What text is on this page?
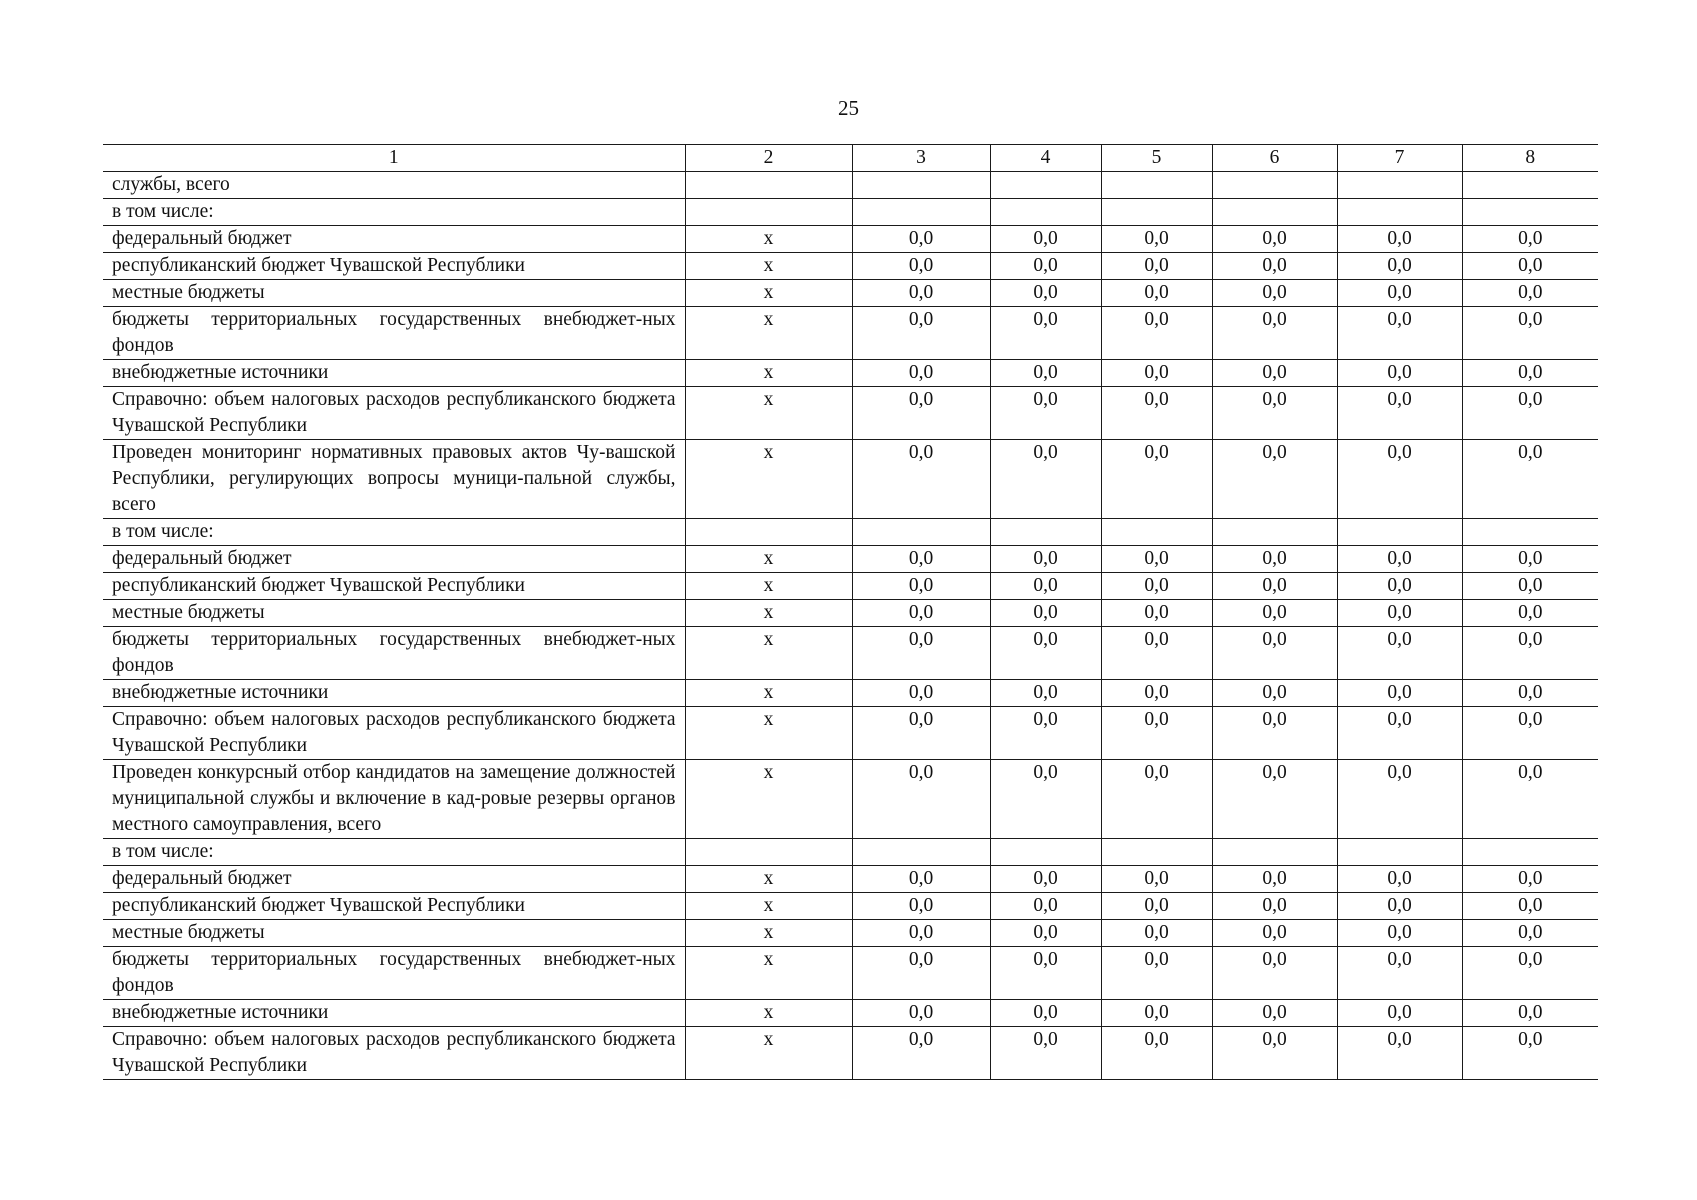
25
1	2	3	4	5	6	7	8
службы, всего							
в том числе:							
федеральный бюджет	x	0,0	0,0	0,0	0,0	0,0	0,0
республиканский бюджет Чувашской Республики	x	0,0	0,0	0,0	0,0	0,0	0,0
местные бюджеты	x	0,0	0,0	0,0	0,0	0,0	0,0
бюджеты территориальных государственных внебюджет-ных фондов	x	0,0	0,0	0,0	0,0	0,0	0,0
внебюджетные источники	x	0,0	0,0	0,0	0,0	0,0	0,0
Справочно: объем налоговых расходов республиканского бюджета Чувашской Республики	x	0,0	0,0	0,0	0,0	0,0	0,0
Проведен мониторинг нормативных правовых актов Чу-вашской Республики, регулирующих вопросы муници-пальной службы, всего	x	0,0	0,0	0,0	0,0	0,0	0,0
в том числе:							
федеральный бюджет	x	0,0	0,0	0,0	0,0	0,0	0,0
республиканский бюджет Чувашской Республики	x	0,0	0,0	0,0	0,0	0,0	0,0
местные бюджеты	x	0,0	0,0	0,0	0,0	0,0	0,0
бюджеты территориальных государственных внебюджет-ных фондов	x	0,0	0,0	0,0	0,0	0,0	0,0
внебюджетные источники	x	0,0	0,0	0,0	0,0	0,0	0,0
Справочно: объем налоговых расходов республиканского бюджета Чувашской Республики	x	0,0	0,0	0,0	0,0	0,0	0,0
Проведен конкурсный отбор кандидатов на замещение должностей муниципальной службы и включение в кад-ровые резервы органов местного самоуправления, всего	x	0,0	0,0	0,0	0,0	0,0	0,0
в том числе:							
федеральный бюджет	x	0,0	0,0	0,0	0,0	0,0	0,0
республиканский бюджет Чувашской Республики	x	0,0	0,0	0,0	0,0	0,0	0,0
местные бюджеты	x	0,0	0,0	0,0	0,0	0,0	0,0
бюджеты территориальных государственных внебюджет-ных фондов	x	0,0	0,0	0,0	0,0	0,0	0,0
внебюджетные источники	x	0,0	0,0	0,0	0,0	0,0	0,0
Справочно: объем налоговых расходов республиканского бюджета Чувашской Республики	x	0,0	0,0	0,0	0,0	0,0	0,0
